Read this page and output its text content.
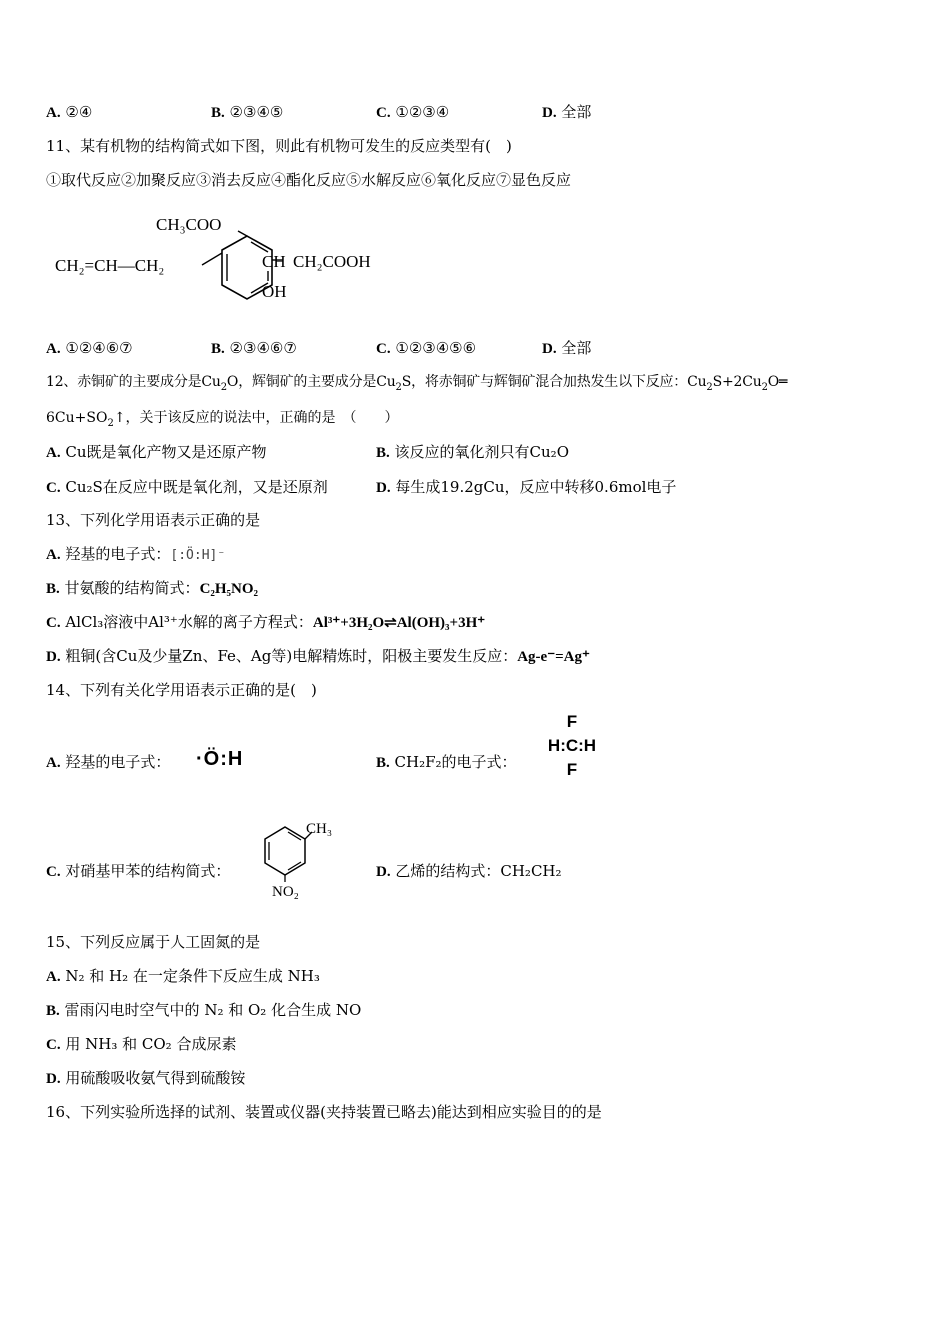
A. ②④	B. ②③④⑤	C. ①②③④	D. 全部
11、某有机物的结构简式如下图，则此有机物可发生的反应类型有(　)
①取代反应②加聚反应③消去反应④酯化反应⑤水解反应⑥氧化反应⑦显色反应
CH₃COO
CH₂=CH—CH₂	CH CH₂COOH
OH
A. ①②④⑥⑦	B. ②③④⑥⑦	C. ①②③④⑤⑥	D. 全部
12、赤铜矿的主要成分是$Cu_2O$，辉铜矿的主要成分是$Cu_2S$，将赤铜矿与辉铜矿混合加热发生以下反应：$Cu_2S+2Cu_2O═$
$6Cu+SO_2↑$，关于该反应的说法中，正确的是　（　　）
A. Cu既是氧化产物又是还原产物	B. 该反应的氧化剂只有Cu₂O
C. Cu₂S在反应中既是氧化剂，又是还原剂	D. 每生成19.2gCu，反应中转移0.6mol电子
13、下列化学用语表示正确的是
A. 羟基的电子式：[:Ö:H]⁻
B. 甘氨酸的结构简式：C₂H₅NO₂
C. AlCl₃溶液中Al³⁺水解的离子方程式：Al³⁺+3H₂O⇌Al(OH)₃+3H⁺
D. 粗铜(含Cu及少量Zn、Fe、Ag等)电解精炼时，阳极主要发生反应：Ag-e⁻=Ag⁺
14、下列有关化学用语表示正确的是(　)
A. 羟基的电子式： ·Ö:H	B. CH₂F₂的电子式：
F
H:C:H
F
C. 对硝基甲苯的结构简式：
CH₃
NO₂
D. 乙烯的结构式：CH₂CH₂
15、下列反应属于人工固氮的是
A. N₂ 和 H₂ 在一定条件下反应生成 NH₃
B. 雷雨闪电时空气中的 N₂ 和 O₂ 化合生成 NO
C. 用 NH₃ 和 CO₂ 合成尿素
D. 用硫酸吸收氨气得到硫酸铵
16、下列实验所选择的试剂、装置或仪器(夹持装置已略去)能达到相应实验目的的是
